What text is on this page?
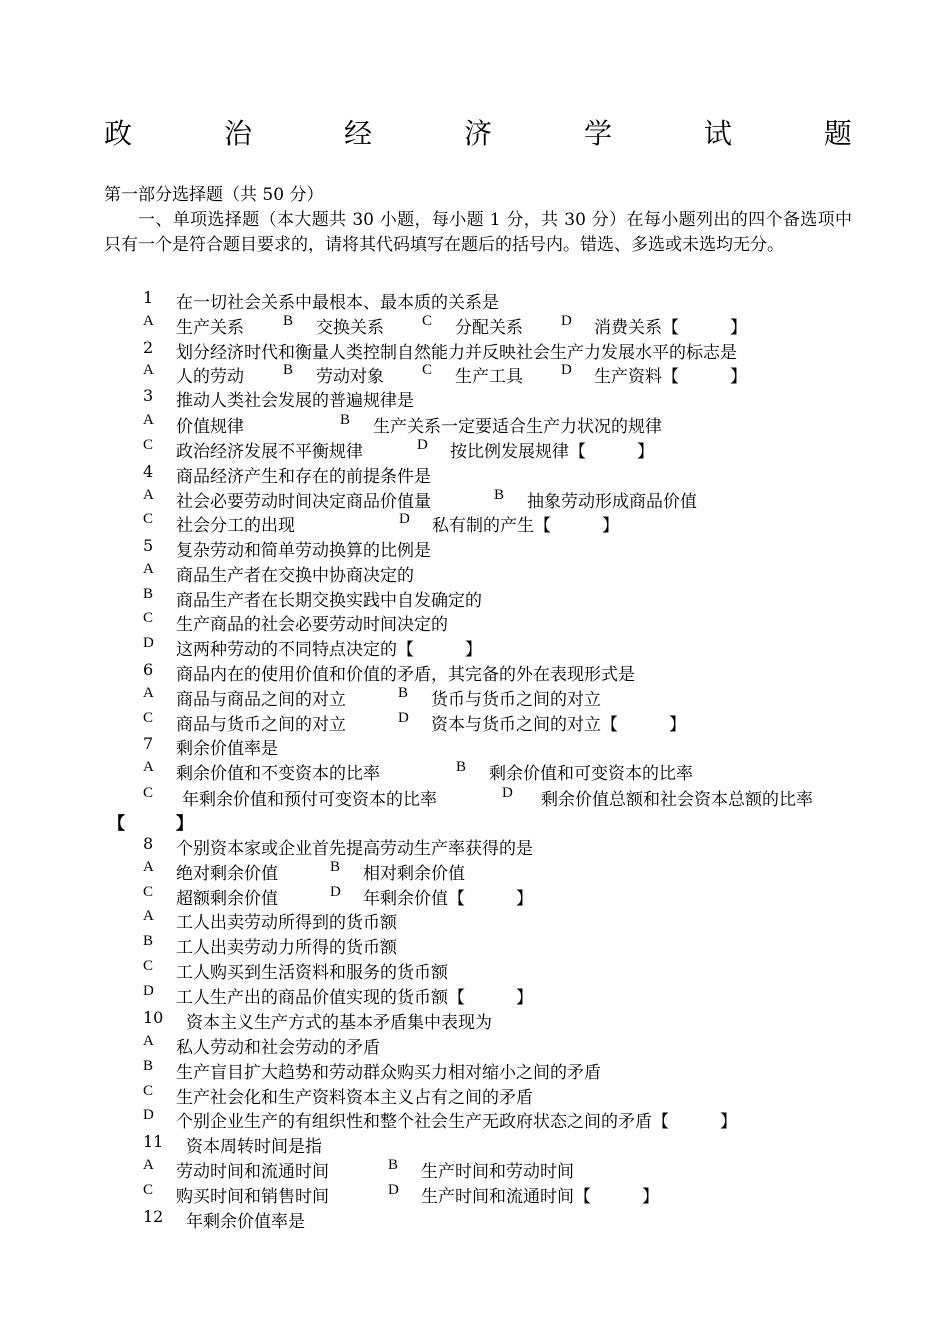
政	治	经	济	学	试	题
第一部分选择题（共 50 分）
一、单项选择题（本大题共 30 小题，每小题 1 分，共 30 分）在每小题列出的四个备选项中只有一个是符合题目要求的，请将其代码填写在题后的括号内。错选、多选或未选均无分。
1 在一切社会关系中最根本、最本质的关系是
A 生产关系	B 交换关系	C 分配关系	D 消费关系【　　　】
2 划分经济时代和衡量人类控制自然能力并反映社会生产力发展水平的标志是
A 人的劳动	B 劳动对象	C 生产工具	D 生产资料【　　　】
3 推动人类社会发展的普遍规律是
A 价值规律	B 生产关系一定要适合生产力状况的规律
C 政治经济发展不平衡规律	D 按比例发展规律【　　　】
4 商品经济产生和存在的前提条件是
A 社会必要劳动时间决定商品价值量	B 抽象劳动形成商品价值
C 社会分工的出现	D 私有制的产生【　　　】
5 复杂劳动和简单劳动换算的比例是
A 商品生产者在交换中协商决定的
B 商品生产者在长期交换实践中自发确定的
C 生产商品的社会必要劳动时间决定的
D 这两种劳动的不同特点决定的【　　　】
6 商品内在的使用价值和价值的矛盾，其完备的外在表现形式是
A 商品与商品之间的对立	B 货币与货币之间的对立
C 商品与货币之间的对立	D 资本与货币之间的对立【　　　】
7 剩余价值率是
A 剩余价值和不变资本的比率	B 剩余价值和可变资本的比率
C 年剩余价值和预付可变资本的比率	D 剩余价值总额和社会资本总额的比率
【　　　】
8 个别资本家或企业首先提高劳动生产率获得的是
A 绝对剩余价值	B 相对剩余价值
C 超额剩余价值	D 年剩余价值【　　　】
A 工人出卖劳动所得到的货币额
B 工人出卖劳动力所得的货币额
C 工人购买到生活资料和服务的货币额
D 工人生产出的商品价值实现的货币额【　　　】
10 资本主义生产方式的基本矛盾集中表现为
A 私人劳动和社会劳动的矛盾
B 生产盲目扩大趋势和劳动群众购买力相对缩小之间的矛盾
C 生产社会化和生产资料资本主义占有之间的矛盾
D 个别企业生产的有组织性和整个社会生产无政府状态之间的矛盾【　　　】
11 资本周转时间是指
A 劳动时间和流通时间	B 生产时间和劳动时间
C 购买时间和销售时间	D 生产时间和流通时间【　　　】
12 年剩余价值率是
